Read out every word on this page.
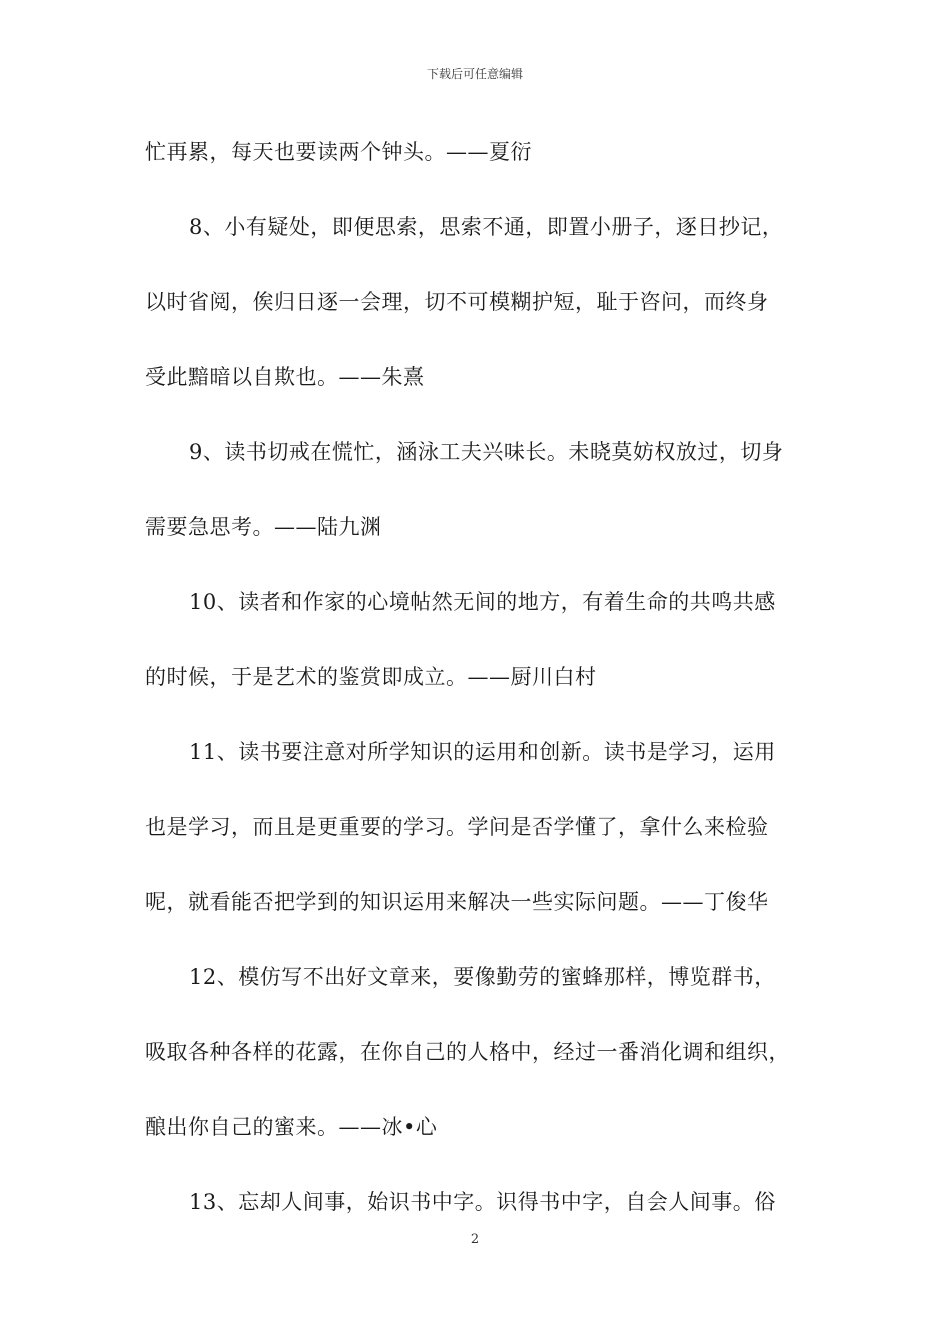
下载后可任意编辑
忙再累，每天也要读两个钟头。——夏衍
8、小有疑处，即便思索，思索不通，即置小册子，逐日抄记，
以时省阅，俟归日逐一会理，切不可模糊护短，耻于咨问，而终身
受此黯暗以自欺也。——朱熹
9、读书切戒在慌忙，涵泳工夫兴味长。未晓莫妨权放过，切身
需要急思考。——陆九渊
10、读者和作家的心境帖然无间的地方，有着生命的共鸣共感
的时候，于是艺术的鉴赏即成立。——厨川白村
11、读书要注意对所学知识的运用和创新。读书是学习，运用
也是学习，而且是更重要的学习。学问是否学懂了，拿什么来检验
呢，就看能否把学到的知识运用来解决一些实际问题。——丁俊华
12、模仿写不出好文章来，要像勤劳的蜜蜂那样，博览群书，
吸取各种各样的花露，在你自己的人格中，经过一番消化调和组织，
酿出你自己的蜜来。——冰•心
13、忘却人间事，始识书中字。识得书中字，自会人间事。俗
2
